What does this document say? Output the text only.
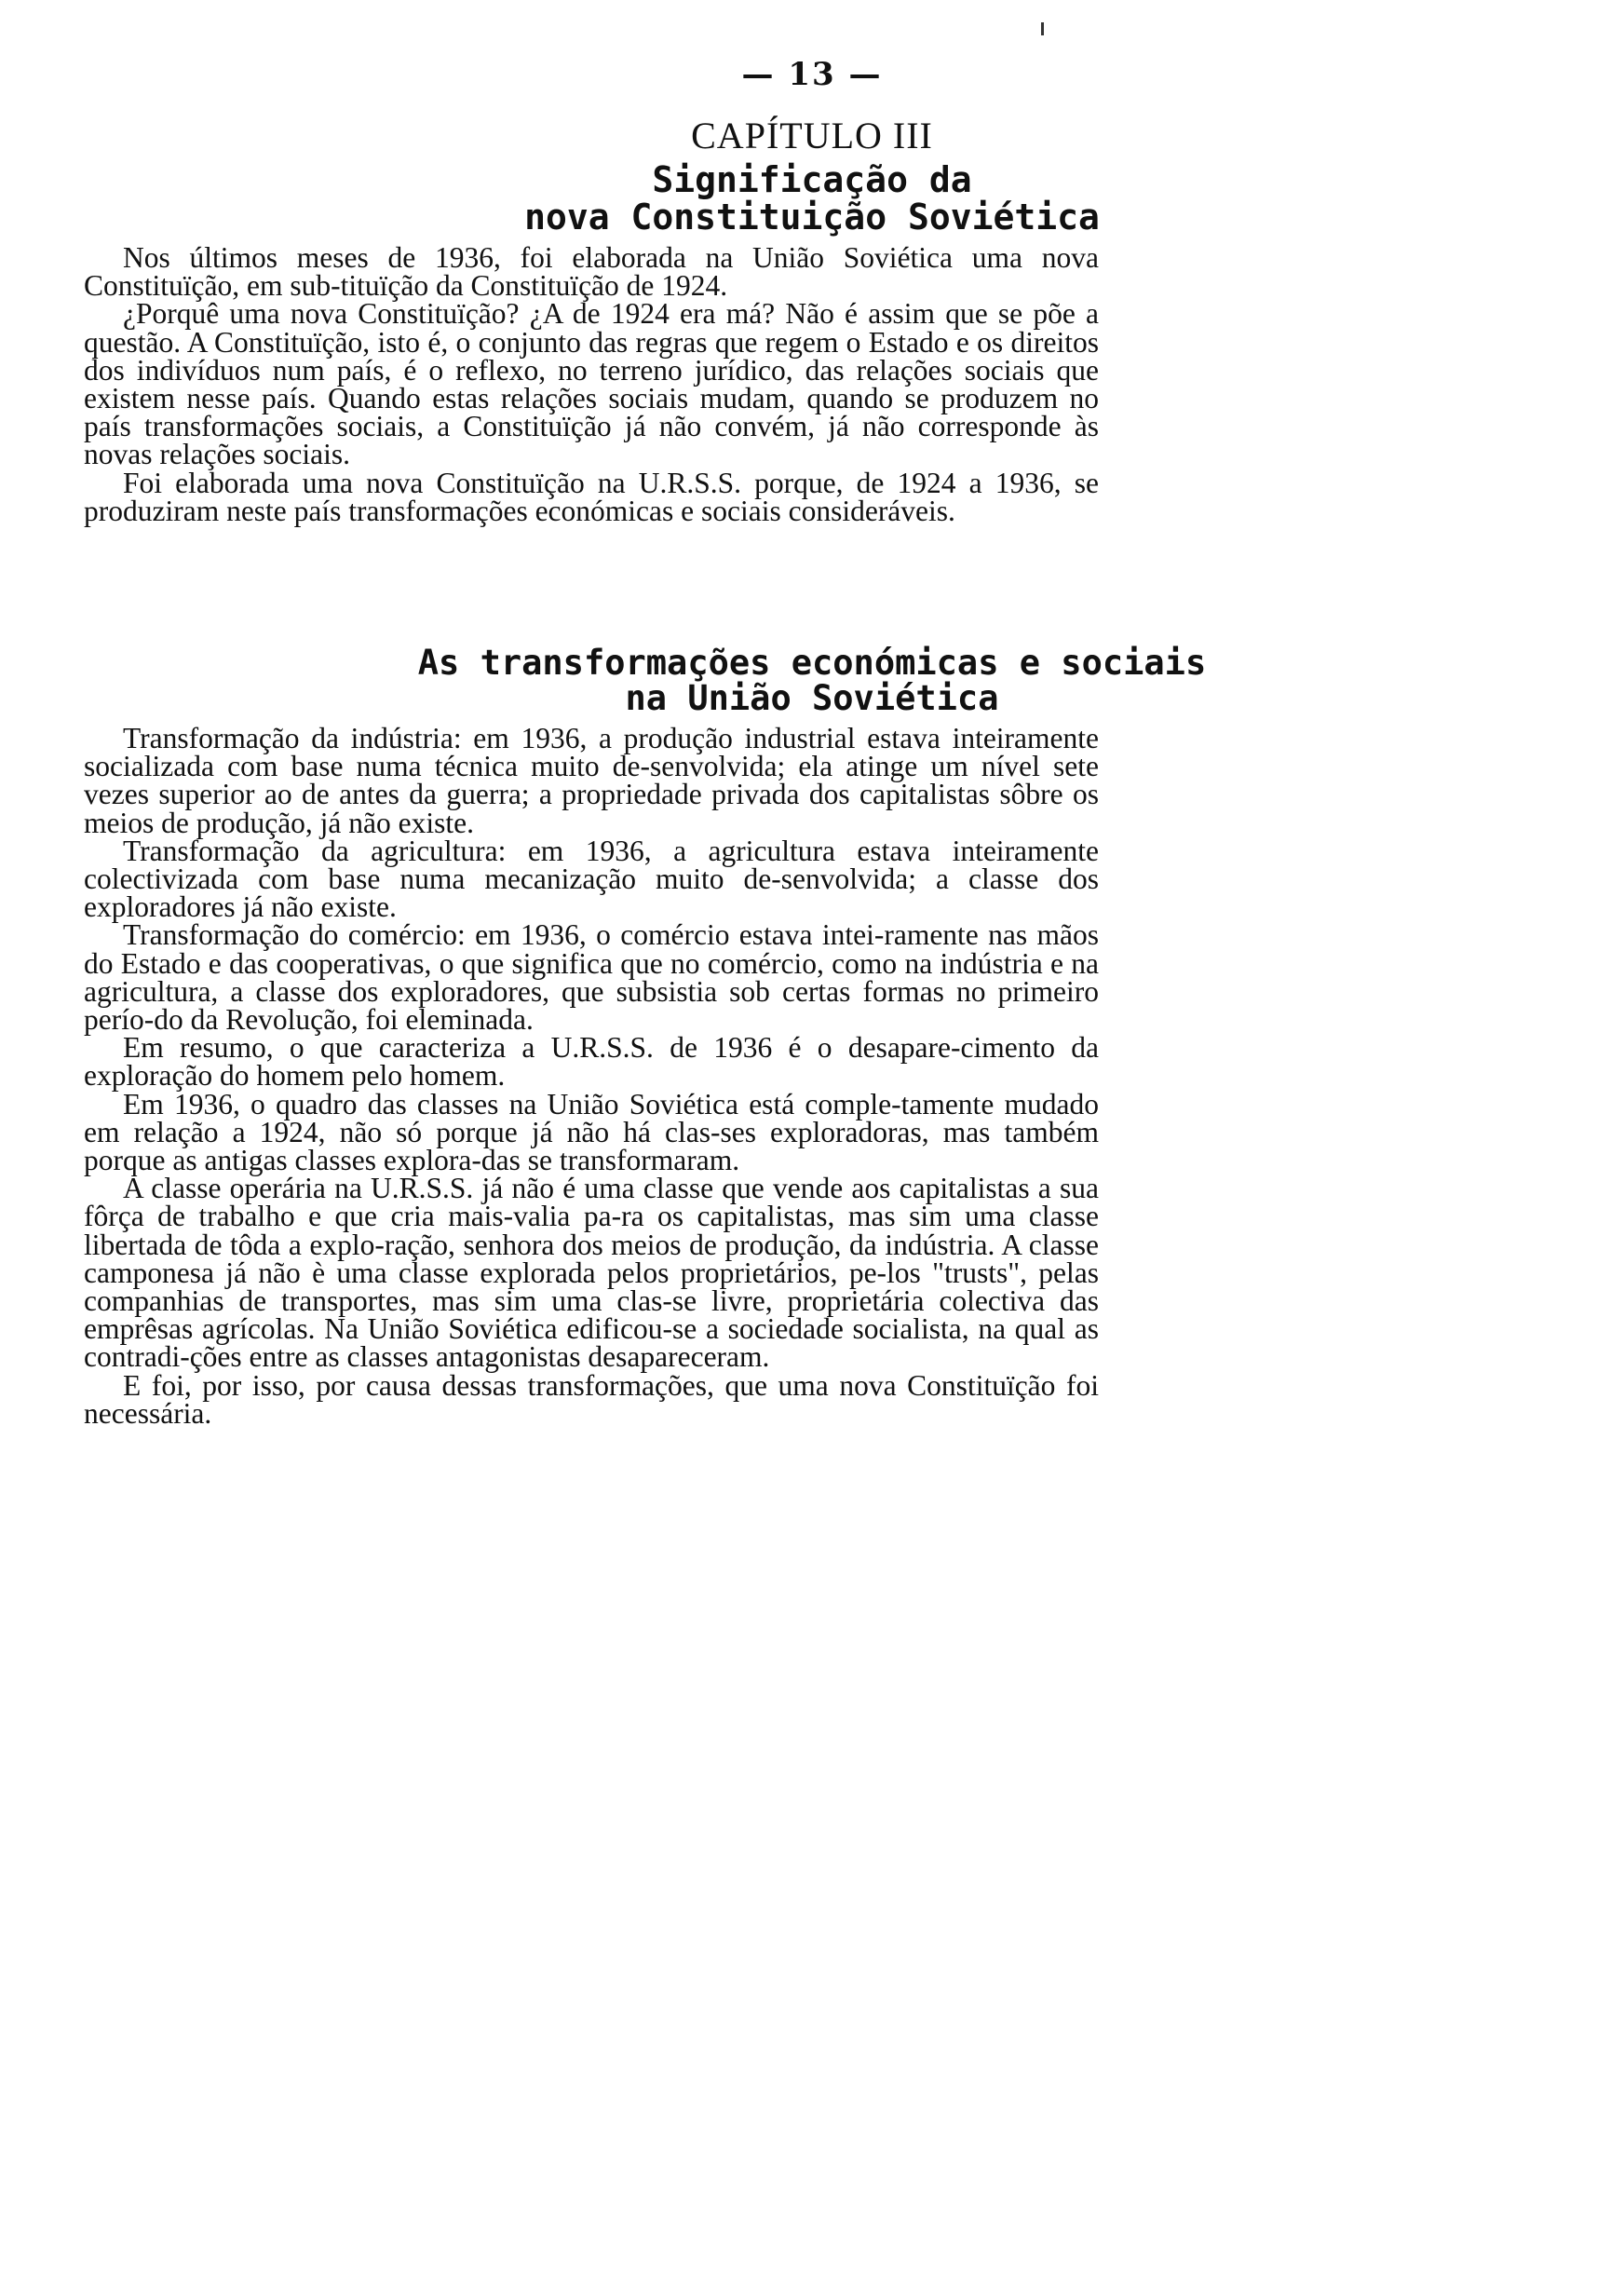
— 13 —
CAPÍTULO III
Significação da
nova Constituição Soviética

Nos últimos meses de 1936, foi elaborada na União Soviética uma nova Constituïção, em sub-tituïção da Constituïção de 1924.

¿Porquê uma nova Constituïção? ¿A de 1924 era má? Não é assim que se põe a questão. A Constituïção, isto é, o conjunto das regras que regem o Estado e os direitos dos indivíduos num país, é o reflexo, no terreno jurídico, das relações sociais que existem nesse país. Quando estas relações sociais mudam, quando se produzem no país transformações sociais, a Constituïção já não convém, já não corresponde às novas relações sociais.

Foi elaborada uma nova Constituïção na U.R.S.S. porque, de 1924 a 1936, se produziram neste país transformações económicas e sociais consideráveis.

As transformações económicas e sociais
na União Soviética

Transformação da indústria: em 1936, a produção industrial estava inteiramente socializada com base numa técnica muito de-senvolvida; ela atinge um nível sete vezes superior ao de antes da guerra; a propriedade privada dos capitalistas sôbre os meios de produção, já não existe.

Transformação da agricultura: em 1936, a agricultura estava inteiramente colectivizada com base numa mecanização muito de-senvolvida; a classe dos exploradores já não existe.

Transformação do comércio: em 1936, o comércio estava intei-ramente nas mãos do Estado e das cooperativas, o que significa que no comércio, como na indústria e na agricultura, a classe dos exploradores, que subsistia sob certas formas no primeiro perío-do da Revolução, foi eleminada.

Em resumo, o que caracteriza a U.R.S.S. de 1936 é o desapare-cimento da exploração do homem pelo homem.

Em 1936, o quadro das classes na União Soviética está comple-tamente mudado em relação a 1924, não só porque já não há clas-ses exploradoras, mas também porque as antigas classes explora-das se transformaram.

A classe operária na U.R.S.S. já não é uma classe que vende aos capitalistas a sua fôrça de trabalho e que cria mais-valia pa-ra os capitalistas, mas sim uma classe libertada de tôda a explo-ração, senhora dos meios de produção, da indústria. A classe camponesa já não è uma classe explorada pelos proprietários, pe-los "trusts", pelas companhias de transportes, mas sim uma clas-se livre, proprietária colectiva das emprêsas agrícolas. Na União Soviética edificou-se a sociedade socialista, na qual as contradi-ções entre as classes antagonistas desapareceram.

E foi, por isso, por causa dessas transformações, que uma nova Constituïção foi necessária.
